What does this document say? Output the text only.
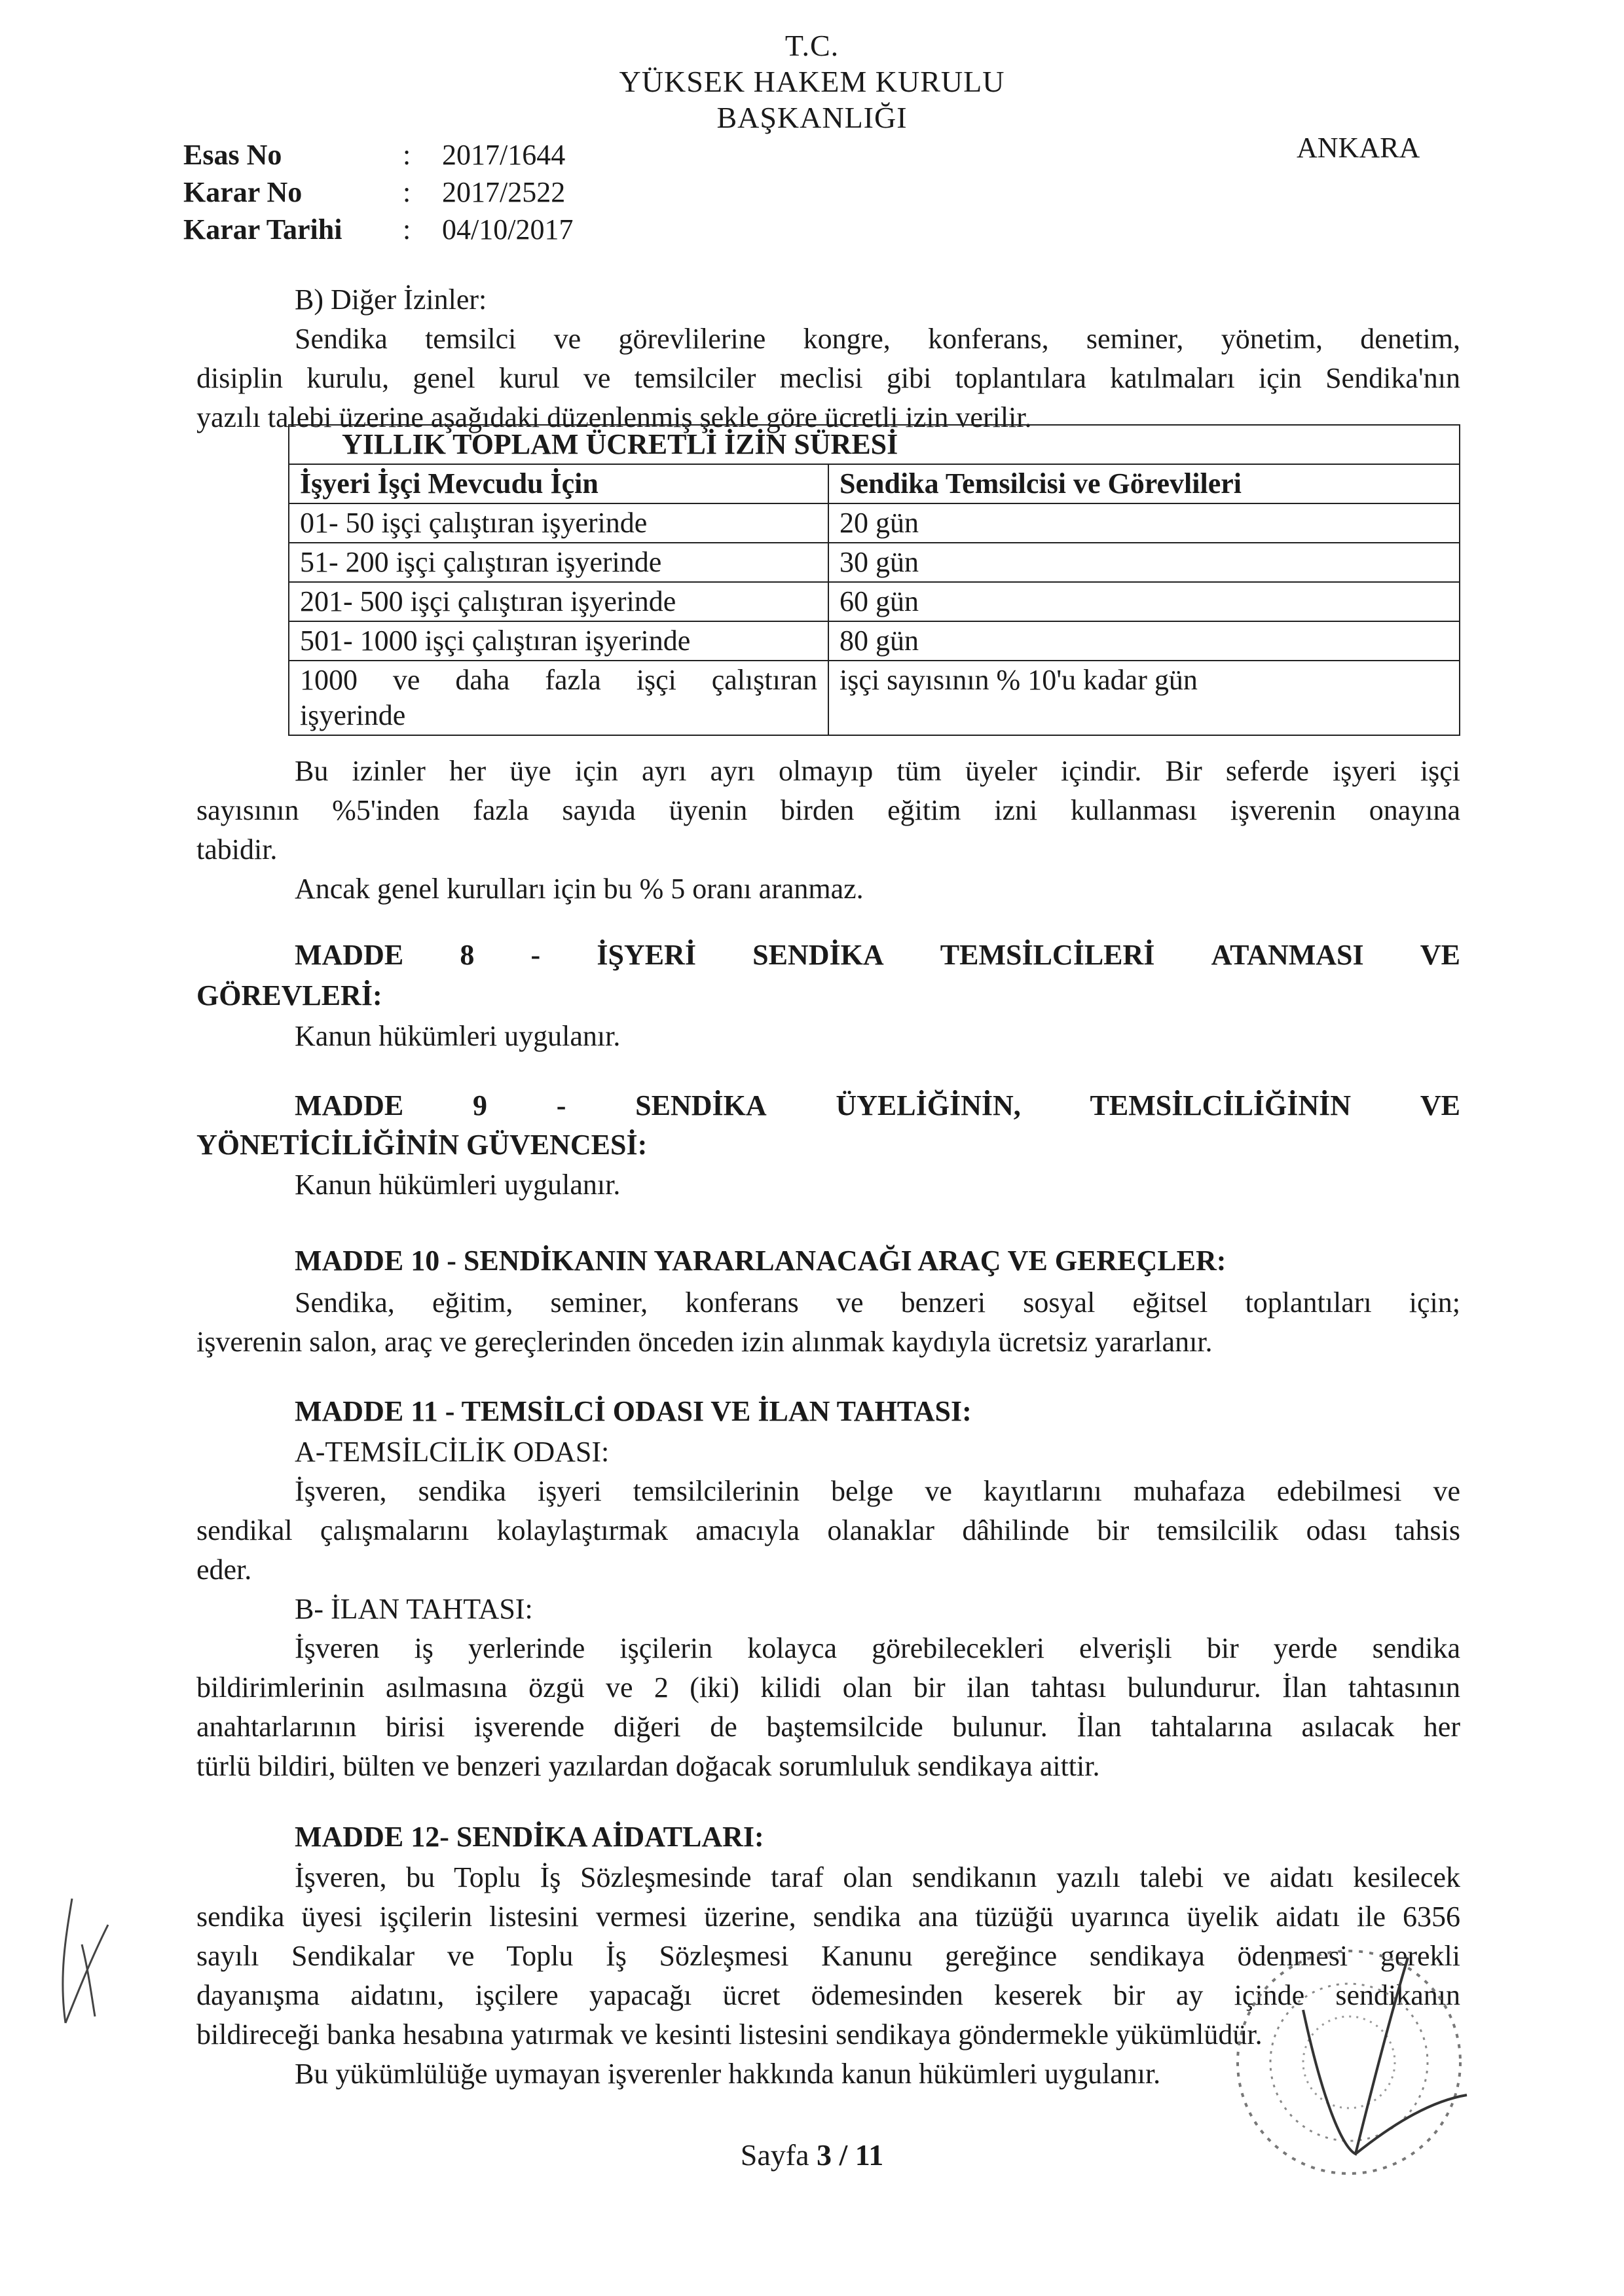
T.C.
YÜKSEK HAKEM KURULU
BAŞKANLIĞI
ANKARA
Esas No	: 2017/1644
Karar No	: 2017/2522
Karar Tarihi : 04/10/2017
B) Diğer İzinler:
Sendika temsilci ve görevlilerine kongre, konferans, seminer, yönetim, denetim,
disiplin kurulu, genel kurul ve temsilciler meclisi gibi toplantılara katılmaları için Sendika'nın
yazılı talebi üzerine aşağıdaki düzenlenmiş şekle göre ücretli izin verilir.
YILLIK TOPLAM ÜCRETLİ İZİN SÜRESİ	
İşyeri İşçi Mevcudu İçin	Sendika Temsilcisi ve Görevlileri
01- 50 işçi çalıştıran işyerinde	20 gün
51- 200 işçi çalıştıran işyerinde	30 gün
201- 500 işçi çalıştıran işyerinde	60 gün
501- 1000 işçi çalıştıran işyerinde	80 gün

1000 ve daha fazla işçi çalıştıran
işyerinde	işçi sayısının % 10'u kadar gün
Bu izinler her üye için ayrı ayrı olmayıp tüm üyeler içindir. Bir seferde işyeri işçi
sayısının %5'inden fazla sayıda üyenin birden eğitim izni kullanması işverenin onayına
tabidir.
Ancak genel kurulları için bu % 5 oranı aranmaz.
MADDE 8 - İŞYERİ SENDİKA TEMSİLCİLERİ ATANMASI VE
GÖREVLERİ:
Kanun hükümleri uygulanır.
MADDE 9 - SENDİKA ÜYELİĞİNİN, TEMSİLCİLİĞİNİN VE
YÖNETİCİLİĞİNİN GÜVENCESİ:
Kanun hükümleri uygulanır.
MADDE 10 - SENDİKANIN YARARLANACAĞI ARAÇ VE GEREÇLER:
Sendika, eğitim, seminer, konferans ve benzeri sosyal eğitsel toplantıları için;
işverenin salon, araç ve gereçlerinden önceden izin alınmak kaydıyla ücretsiz yararlanır.
MADDE 11 - TEMSİLCİ ODASI VE İLAN TAHTASI:
A-TEMSİLCİLİK ODASI:
İşveren, sendika işyeri temsilcilerinin belge ve kayıtlarını muhafaza edebilmesi ve
sendikal çalışmalarını kolaylaştırmak amacıyla olanaklar dâhilinde bir temsilcilik odası tahsis
eder.
B- İLAN TAHTASI:
İşveren iş yerlerinde işçilerin kolayca görebilecekleri elverişli bir yerde sendika
bildirimlerinin asılmasına özgü ve 2 (iki) kilidi olan bir ilan tahtası bulundurur. İlan tahtasının
anahtarlarının birisi işverende diğeri de baştemsilcide bulunur. İlan tahtalarına asılacak her
türlü bildiri, bülten ve benzeri yazılardan doğacak sorumluluk sendikaya aittir.
MADDE 12- SENDİKA AİDATLARI:
İşveren, bu Toplu İş Sözleşmesinde taraf olan sendikanın yazılı talebi ve aidatı kesilecek
sendika üyesi işçilerin listesini vermesi üzerine, sendika ana tüzüğü uyarınca üyelik aidatı ile 6356
sayılı Sendikalar ve Toplu İş Sözleşmesi Kanunu gereğince sendikaya ödenmesi gerekli
dayanışma aidatını, işçilere yapacağı ücret ödemesinden keserek bir ay içinde sendikanın
bildireceği banka hesabına yatırmak ve kesinti listesini sendikaya göndermekle yükümlüdür.
Bu yükümlülüğe uymayan işverenler hakkında kanun hükümleri uygulanır.
Sayfa 3 / 11
